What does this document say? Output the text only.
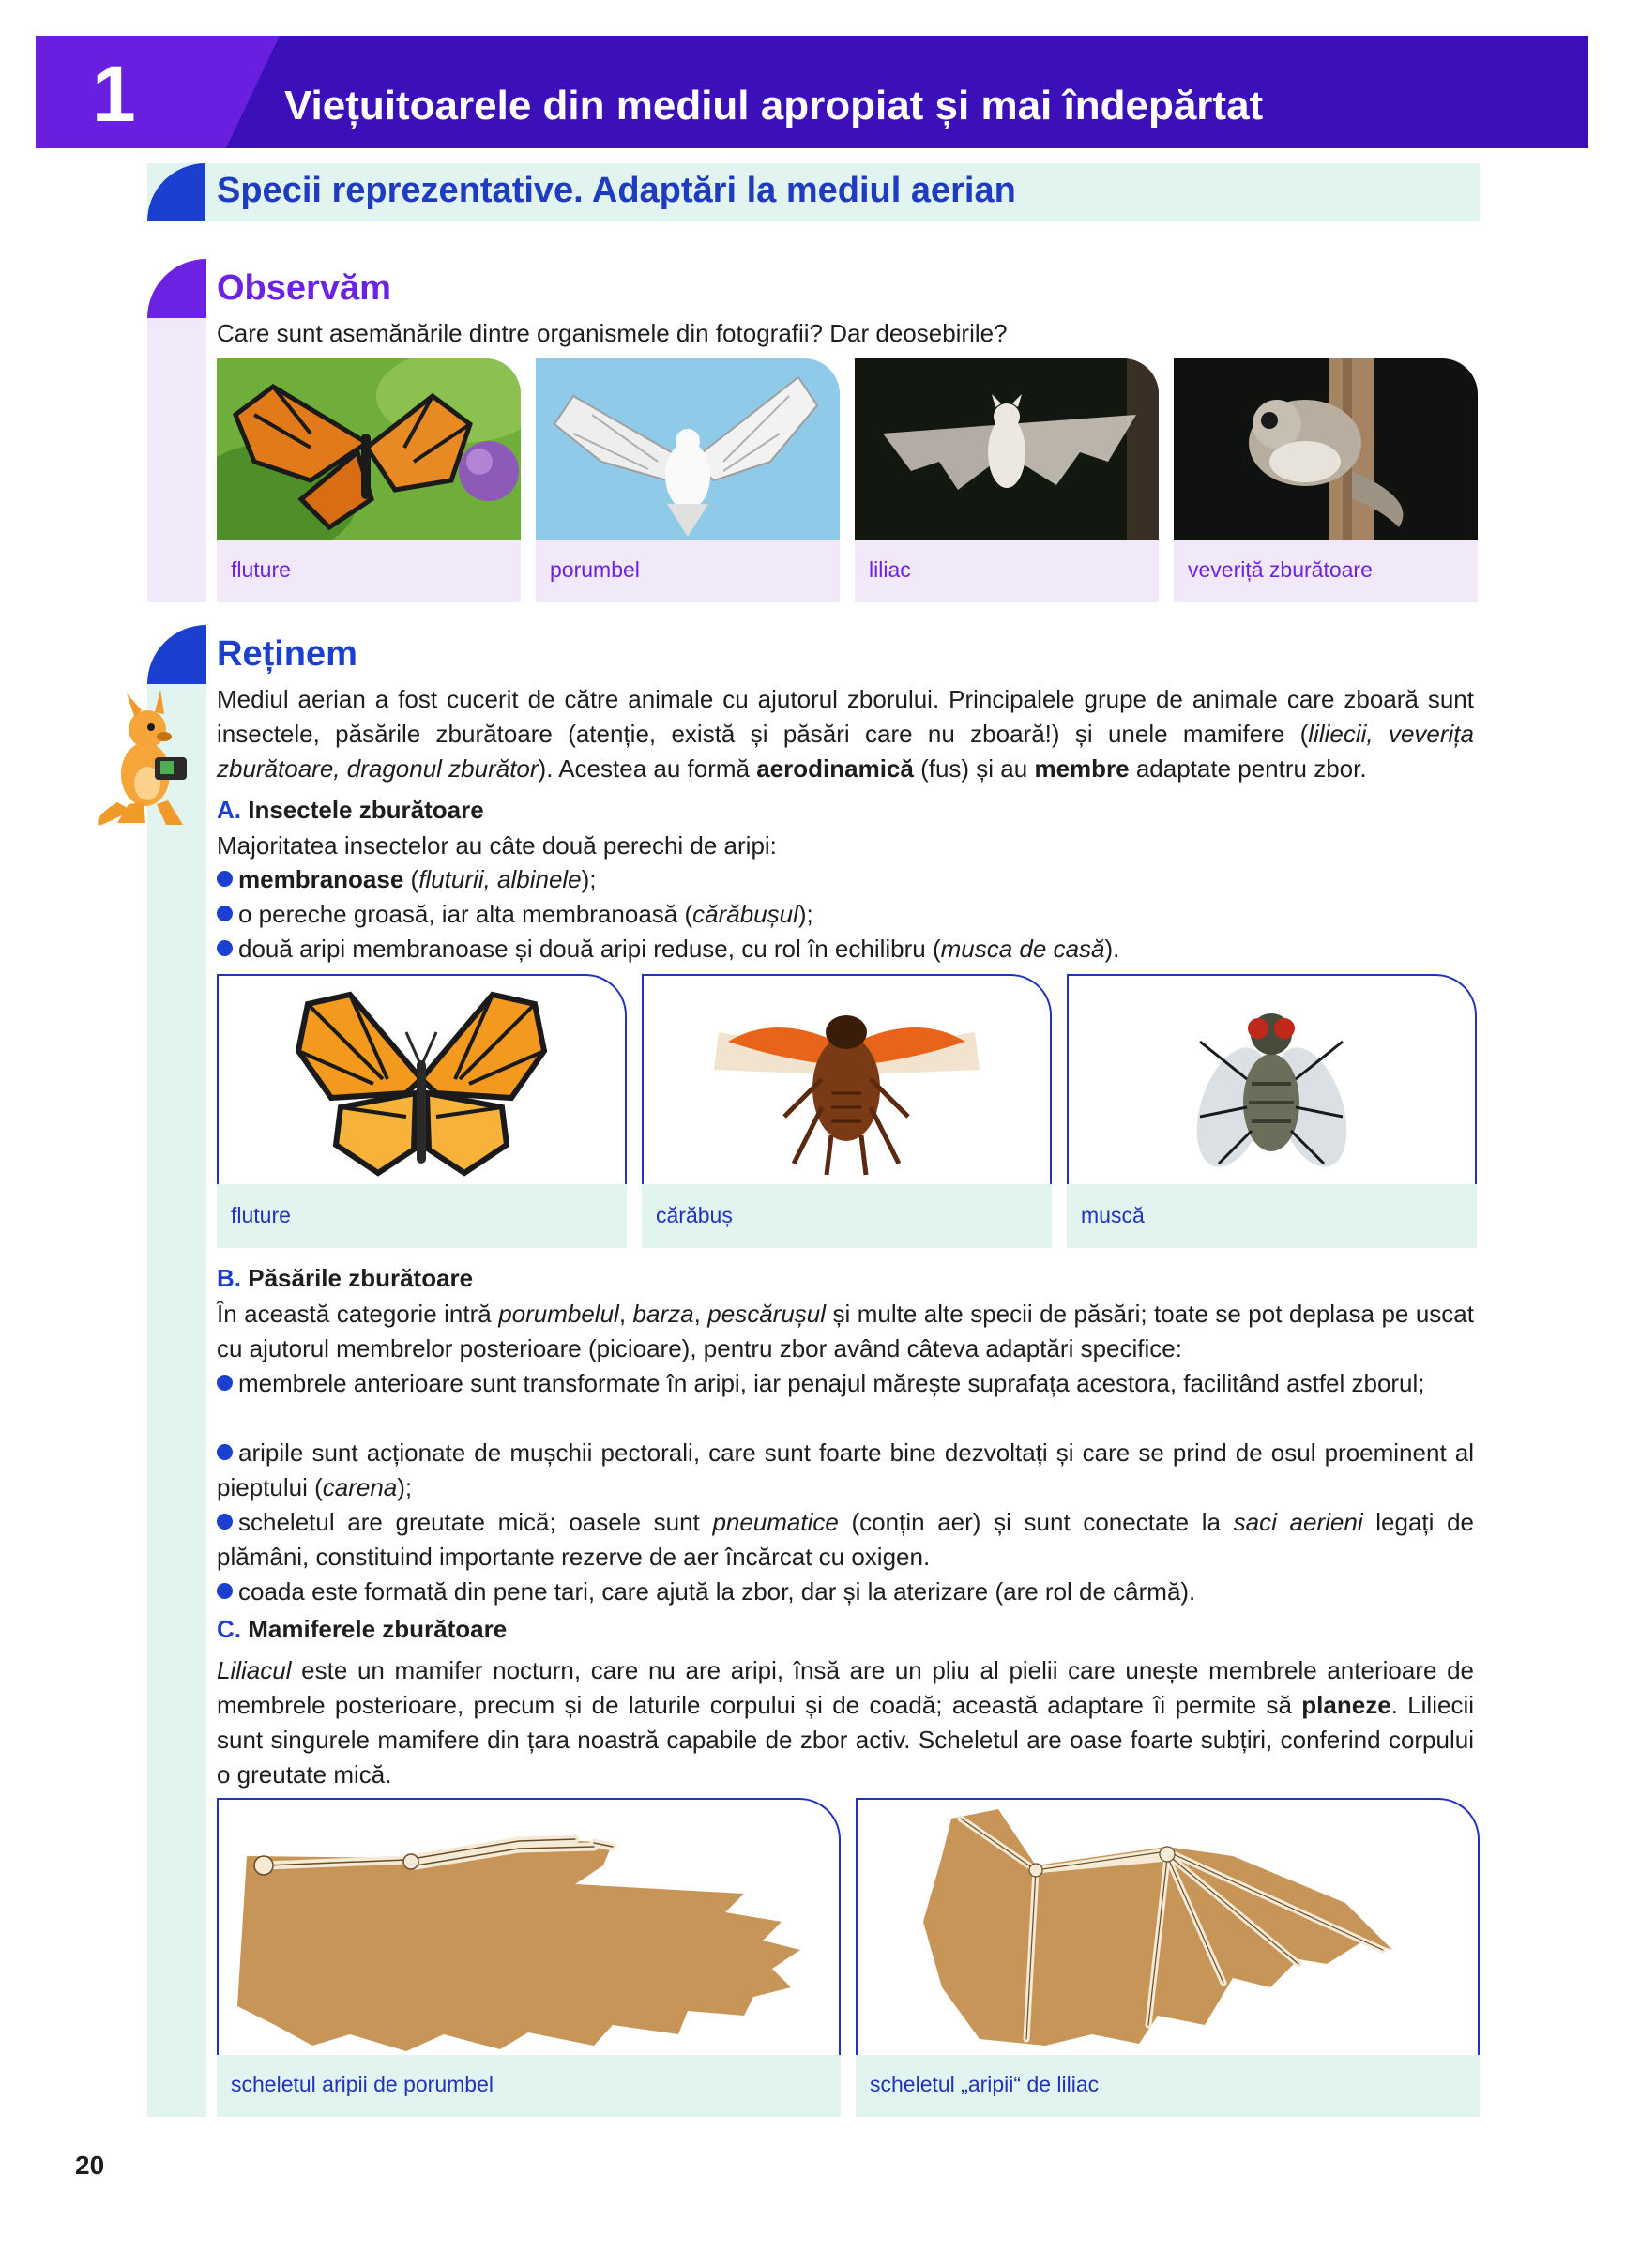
1	Viețuitoarele din mediul apropiat și mai îndepărtat
Specii reprezentative. Adaptări la mediul aerian
Observăm
Care sunt asemănările dintre organismele din fotografii? Dar deosebirile?
fluture	porumbel	liliac	veveriță zburătoare
Reținem
Mediul aerian a fost cucerit de către animale cu ajutorul zborului. Principalele grupe de animale care zboară sunt insectele, păsările zburătoare (atenție, există și păsări care nu zboară!) și unele mamifere (liliecii, veverița zburătoare, dragonul zburător). Acestea au formă aerodinamică (fus) și au membre adaptate pentru zbor.
A. Insectele zburătoare
Majoritatea insectelor au câte două perechi de aripi:
membranoase (fluturii, albinele);
o pereche groasă, iar alta membranoasă (cărăbușul);
două aripi membranoase și două aripi reduse, cu rol în echilibru (musca de casă).
fluture	cărăbuș	muscă
B. Păsările zburătoare
În această categorie intră porumbelul, barza, pescărușul și multe alte specii de păsări; toate se pot deplasa pe uscat cu ajutorul membrelor posterioare (picioare), pentru zbor având câteva adaptări specifice:
membrele anterioare sunt transformate în aripi, iar penajul mărește suprafața acestora, facilitând astfel zborul;
aripile sunt acționate de mușchii pectorali, care sunt foarte bine dezvoltați și care se prind de osul proeminent al pieptului (carena);
scheletul are greutate mică; oasele sunt pneumatice (conțin aer) și sunt conectate la saci aerieni legați de plămâni, constituind importante rezerve de aer încărcat cu oxigen.
coada este formată din pene tari, care ajută la zbor, dar și la aterizare (are rol de cârmă).
C. Mamiferele zburătoare
Liliacul este un mamifer nocturn, care nu are aripi, însă are un pliu al pielii care unește membrele anterioare de membrele posterioare, precum și de laturile corpului și de coadă; această adaptare îi permite să planeze. Liliecii sunt singurele mamifere din țara noastră capabile de zbor activ. Scheletul are oase foarte subțiri, conferind corpului o greutate mică.
scheletul aripii de porumbel	scheletul „aripii“ de liliac
20
